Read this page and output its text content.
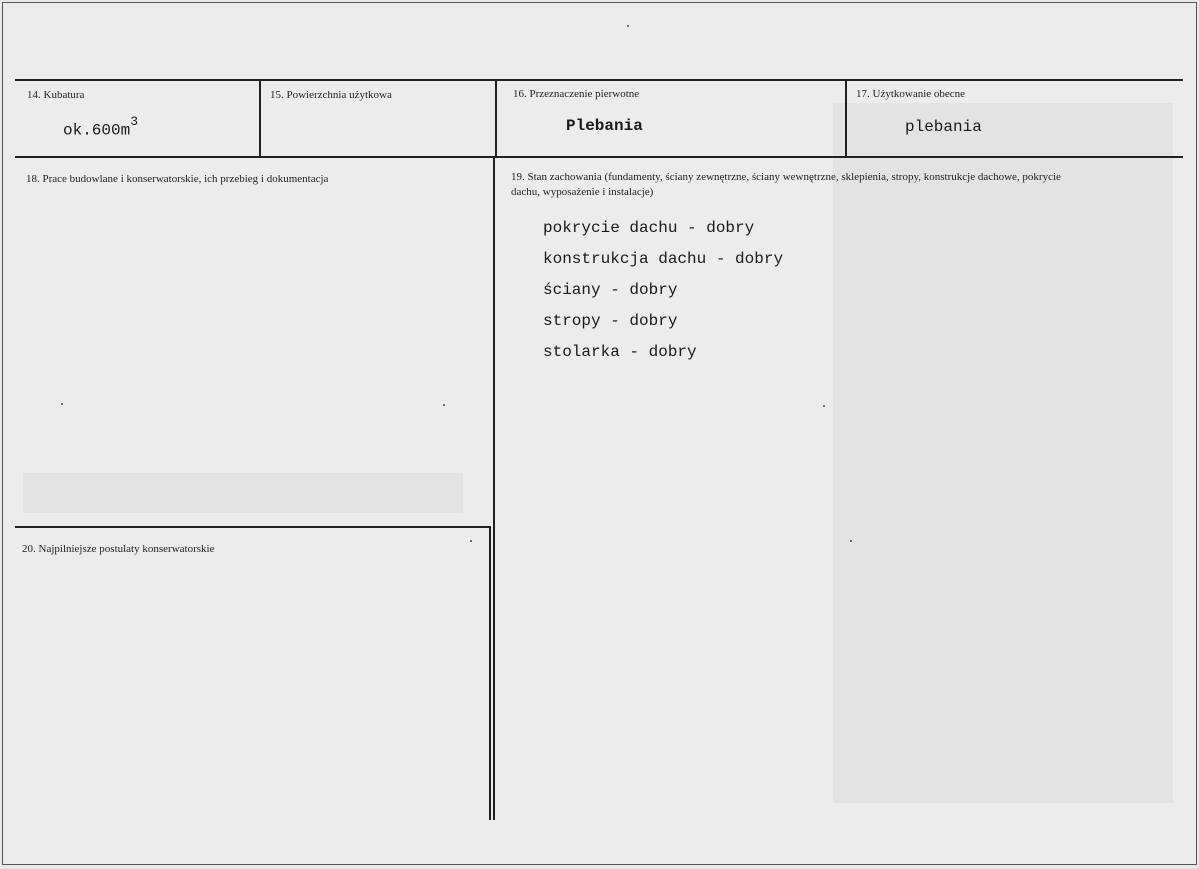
14. Kubatura
$ok.600m^3$
15. Powierzchnia użytkowa	16. Przeznaczenie pierwotne
Plebania
17. Użytkowanie obecne
plebania
18. Prace budowlane i konserwatorskie, ich przebieg i dokumentacja	19. Stan zachowania (fundamenty, ściany zewnętrzne, ściany wewnętrzne, sklepienia, stropy, konstrukcje dachowe, pokrycie dachu, wyposażenie i instalacje)
pokrycie dachu - dobry
konstrukcja dachu - dobry
ściany - dobry
stropy - dobry
stolarka - dobry
20. Najpilniejsze postulaty konserwatorskie
